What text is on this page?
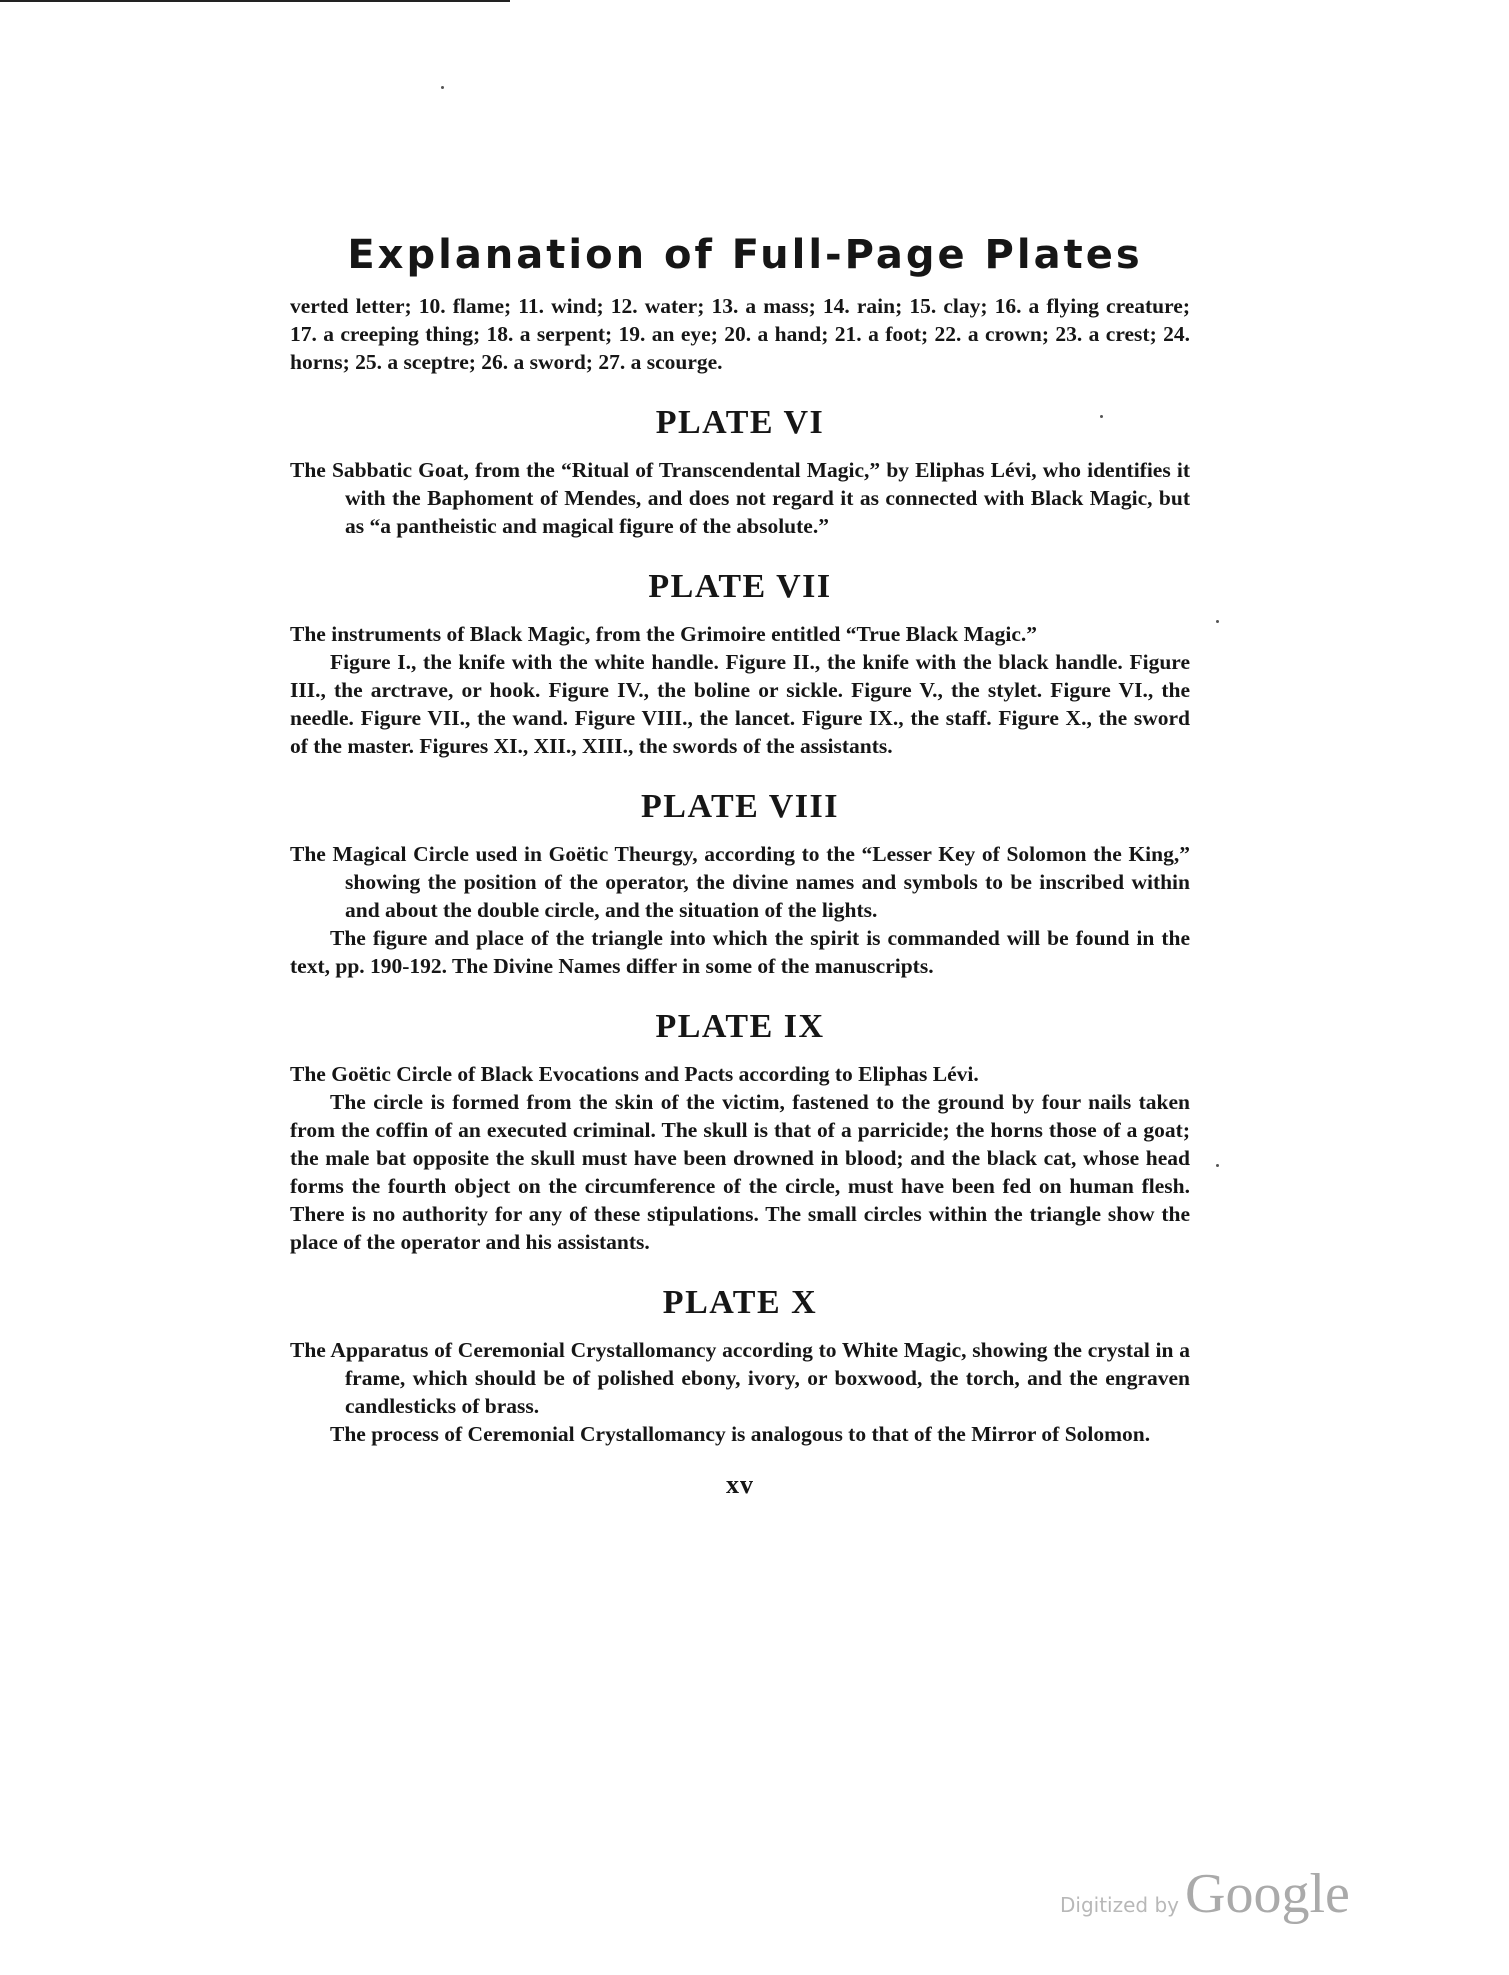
Explanation of Full-Page Plates

verted letter; 10. flame; 11. wind; 12. water; 13. a mass; 14. rain; 15. clay; 16. a flying creature; 17. a creeping thing; 18. a serpent; 19. an eye; 20. a hand; 21. a foot; 22. a crown; 23. a crest; 24. horns; 25. a sceptre; 26. a sword; 27. a scourge.

PLATE VI

The Sabbatic Goat, from the “Ritual of Transcendental Magic,” by Eliphas Lévi, who identifies it with the Baphoment of Mendes, and does not regard it as connected with Black Magic, but as “a pantheistic and magical figure of the absolute.”

PLATE VII

The instruments of Black Magic, from the Grimoire entitled “True Black Magic.”

Figure I., the knife with the white handle. Figure II., the knife with the black handle. Figure III., the arctrave, or hook. Figure IV., the boline or sickle. Figure V., the stylet. Figure VI., the needle. Figure VII., the wand. Figure VIII., the lancet. Figure IX., the staff. Figure X., the sword of the master. Figures XI., XII., XIII., the swords of the assistants.

PLATE VIII

The Magical Circle used in Goëtic Theurgy, according to the “Lesser Key of Solomon the King,” showing the position of the operator, the divine names and symbols to be inscribed within and about the double circle, and the situation of the lights.

The figure and place of the triangle into which the spirit is commanded will be found in the text, pp. 190-192. The Divine Names differ in some of the manuscripts.

PLATE IX

The Goëtic Circle of Black Evocations and Pacts according to Eliphas Lévi.

The circle is formed from the skin of the victim, fastened to the ground by four nails taken from the coffin of an executed criminal. The skull is that of a parricide; the horns those of a goat; the male bat opposite the skull must have been drowned in blood; and the black cat, whose head forms the fourth object on the circumference of the circle, must have been fed on human flesh. There is no authority for any of these stipulations. The small circles within the triangle show the place of the operator and his assistants.

PLATE X

The Apparatus of Ceremonial Crystallomancy according to White Magic, showing the crystal in a frame, which should be of polished ebony, ivory, or boxwood, the torch, and the engraven candlesticks of brass.

The process of Ceremonial Crystallomancy is analogous to that of the Mirror of Solomon.

xv
Digitized by Google
